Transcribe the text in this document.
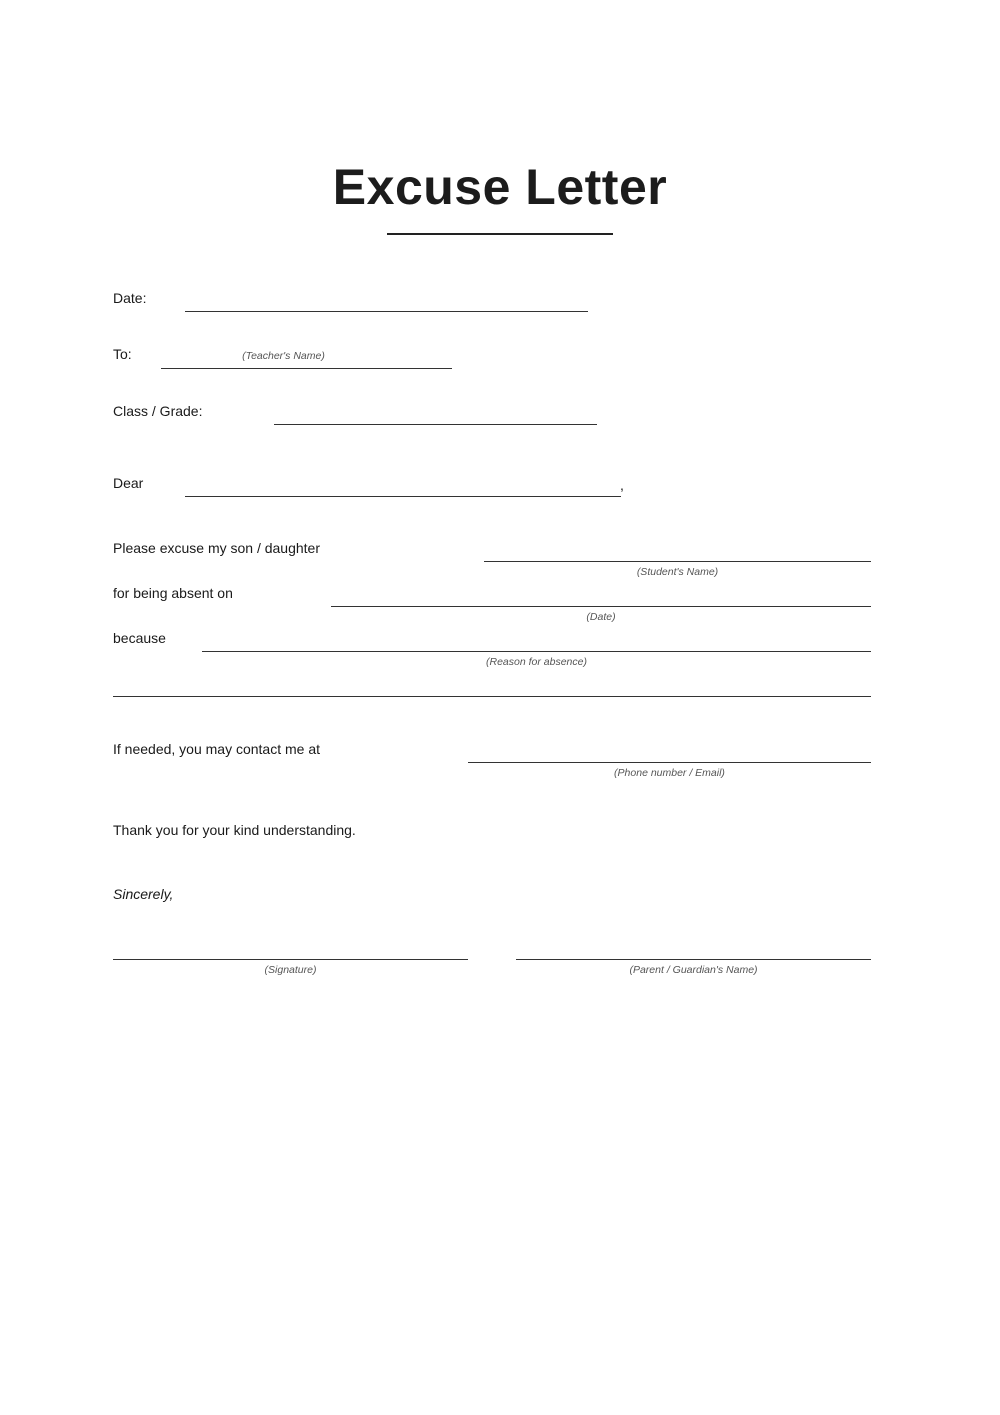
Excuse Letter
Date:
To:	(Teacher's Name)
Class / Grade:
Dear	,
Please excuse my son / daughter
(Student's Name)
for being absent on
(Date)
because
(Reason for absence)
If needed, you may contact me at
(Phone number / Email)
Thank you for your kind understanding.
Sincerely,
(Signature)	(Parent / Guardian's Name)
